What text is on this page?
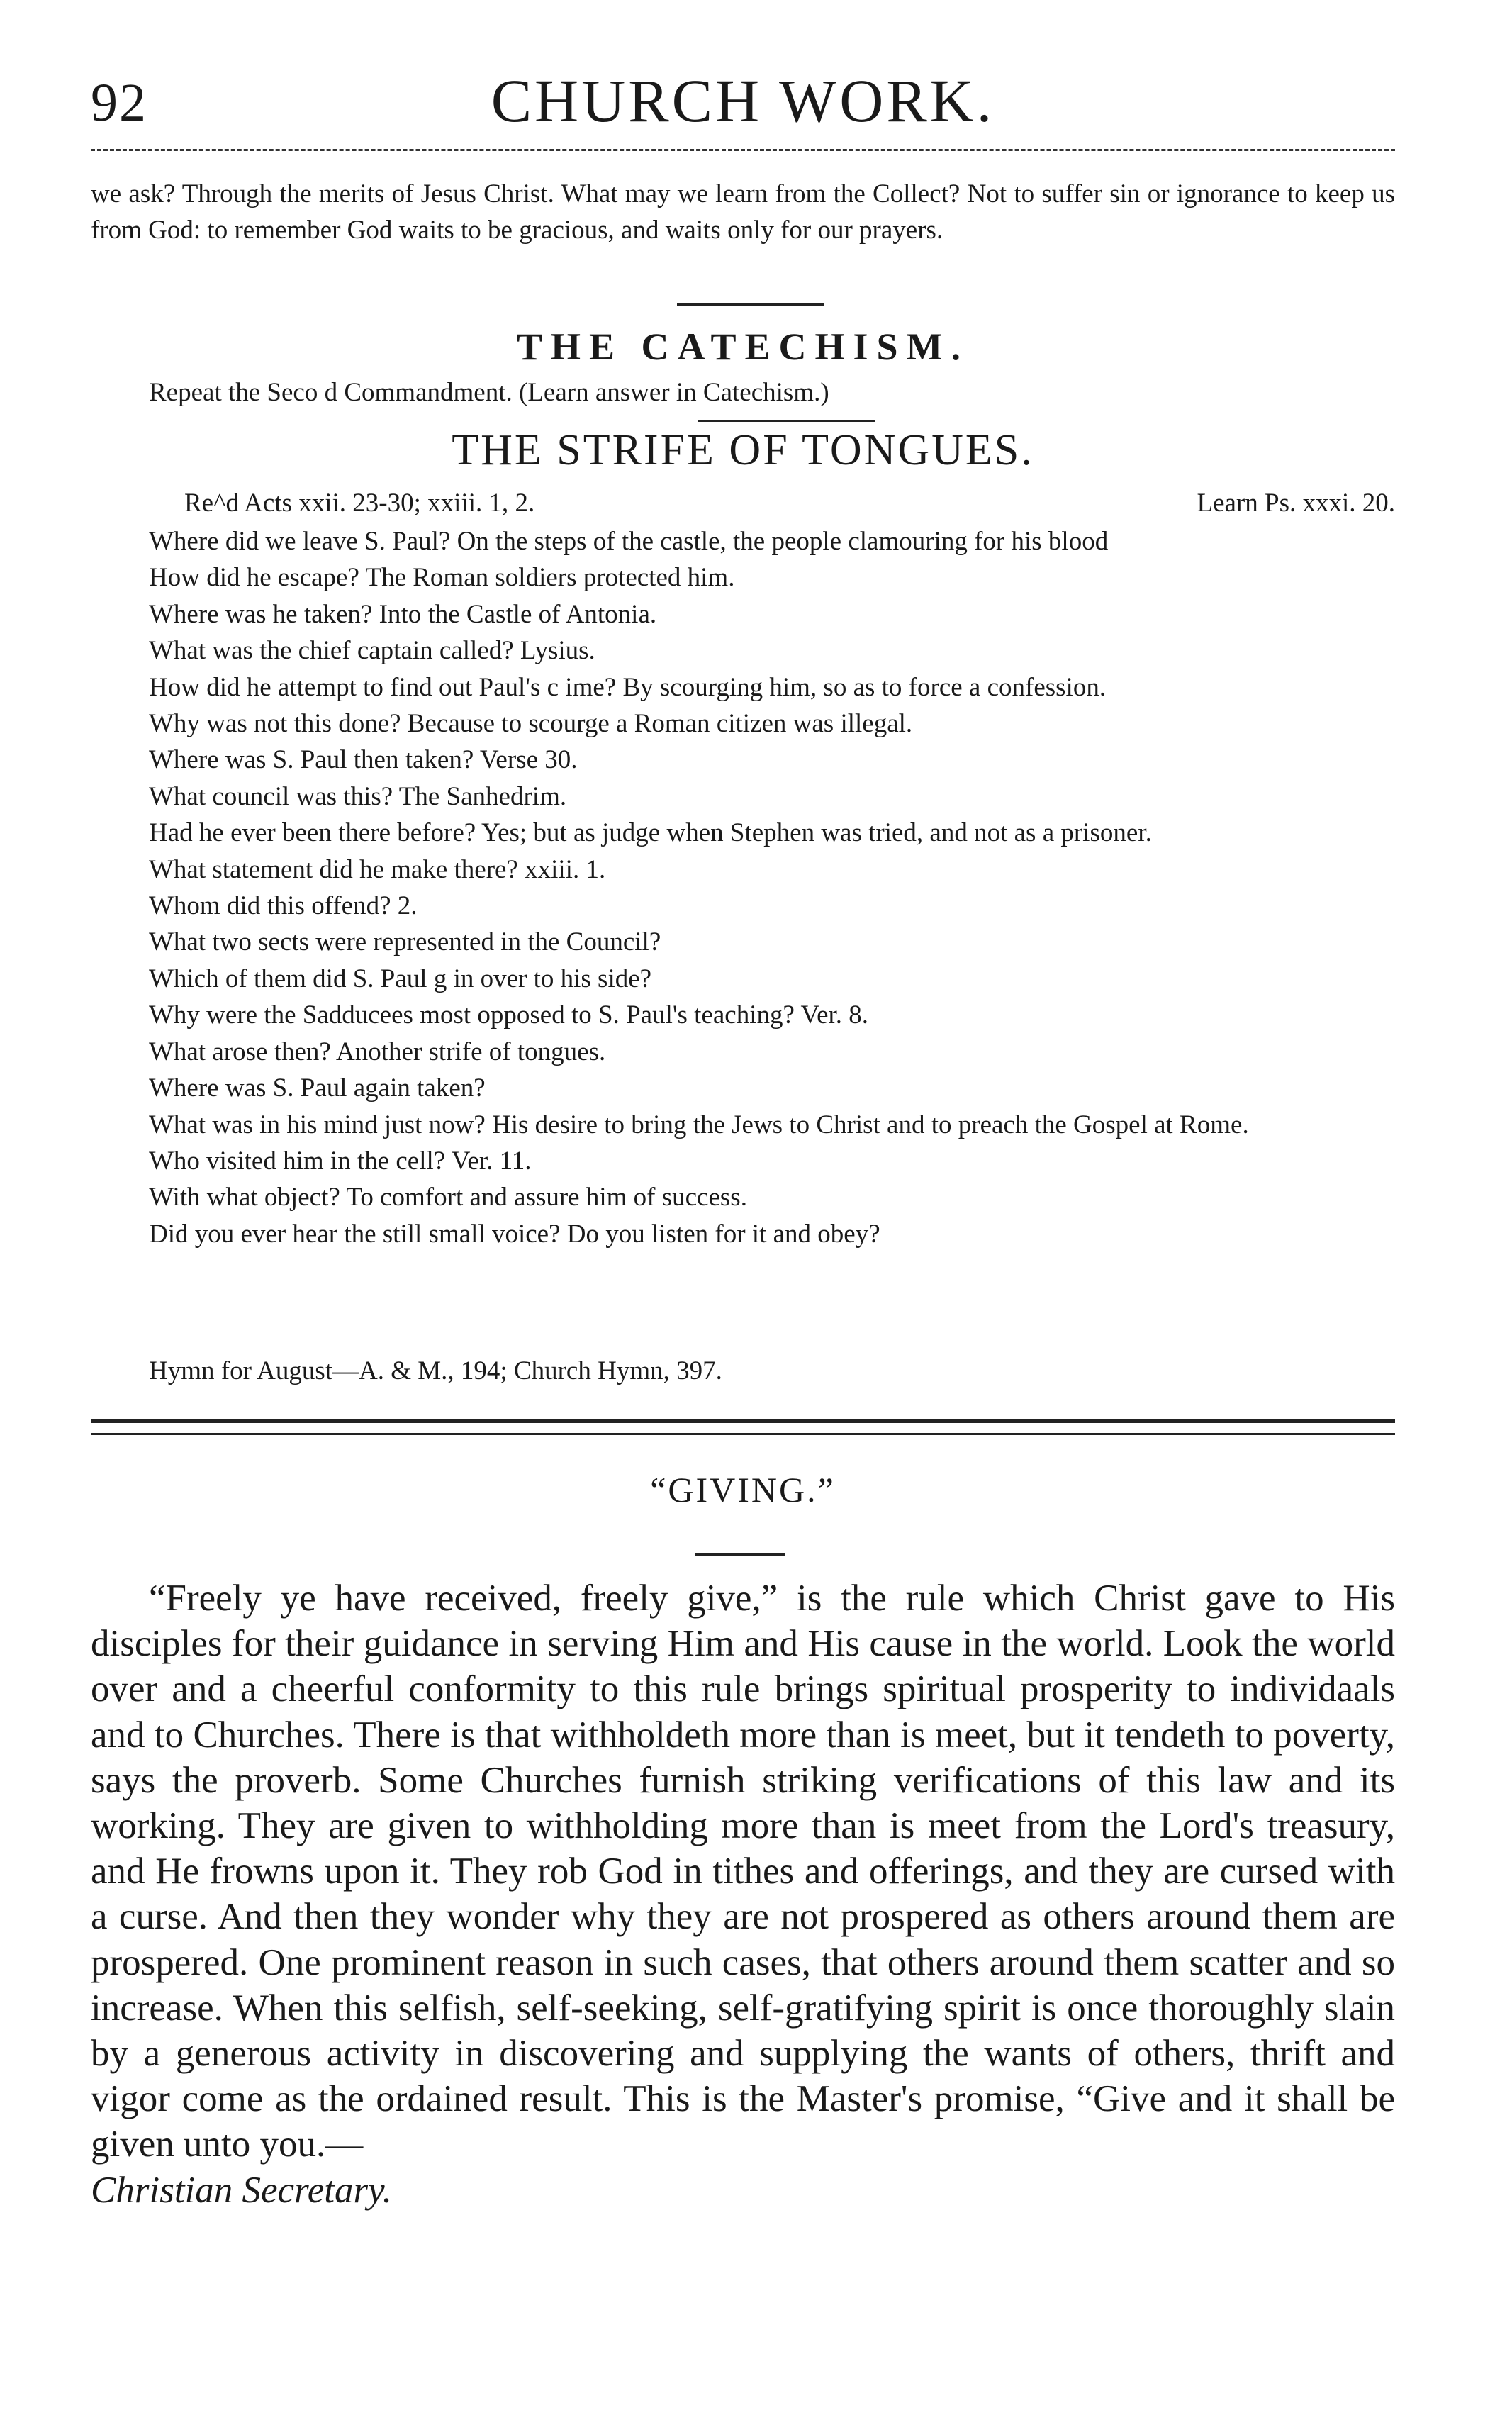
92	CHURCH WORK.

we ask? Through the merits of Jesus Christ. What may we learn from the Collect? Not to suffer sin or ignorance to keep us from God: to remember God waits to be gracious, and waits only for our prayers.

THE CATECHISM.
Repeat the Seco d Commandment. (Learn answer in Catechism.)
THE STRIFE OF TONGUES.
Re^d Acts xxii. 23-30; xxiii. 1, 2.	Learn Ps. xxxi. 20.

Where did we leave S. Paul? On the steps of the castle, the people clamouring for his blood

How did he escape? The Roman soldiers protected him.

Where was he taken? Into the Castle of Antonia.

What was the chief captain called? Lysius.

How did he attempt to find out Paul's c ime? By scourging him, so as to force a confession.

Why was not this done? Because to scourge a Roman citizen was illegal.

Where was S. Paul then taken? Verse 30.

What council was this? The Sanhedrim.

Had he ever been there before? Yes; but as judge when Stephen was tried, and not as a prisoner.

What statement did he make there? xxiii. 1.

Whom did this offend? 2.

What two sects were represented in the Council?

Which of them did S. Paul g in over to his side?

Why were the Sadducees most opposed to S. Paul's teaching? Ver. 8.

What arose then? Another strife of tongues.

Where was S. Paul again taken?

What was in his mind just now? His desire to bring the Jews to Christ and to preach the Gospel at Rome.

Who visited him in the cell? Ver. 11.

With what object? To comfort and assure him of success.

Did you ever hear the still small voice? Do you listen for it and obey?

Hymn for August—A. & M., 194; Church Hymn, 397.
“GIVING.”

“Freely ye have received, freely give,” is the rule which Christ gave to His disciples for their guidance in serving Him and His cause in the world. Look the world over and a cheerful conformity to this rule brings spiritual prosperity to individaals and to Churches. There is that withholdeth more than is meet, but it tendeth to poverty, says the proverb. Some Churches furnish striking verifications of this law and its working. They are given to withholding more than is meet from the Lord's treasury, and He frowns upon it. They rob God in tithes and offerings, and they are cursed with a curse. And then they wonder why they are not prospered as others around them are prospered. One prominent reason in such cases, that others around them scatter and so increase. When this selfish, self-seeking, self-gratifying spirit is once thoroughly slain by a generous activity in discovering and supplying the wants of others, thrift and vigor come as the ordained result. This is the Master's promise, “Give and it shall be given unto you.—

Christian Secretary.
